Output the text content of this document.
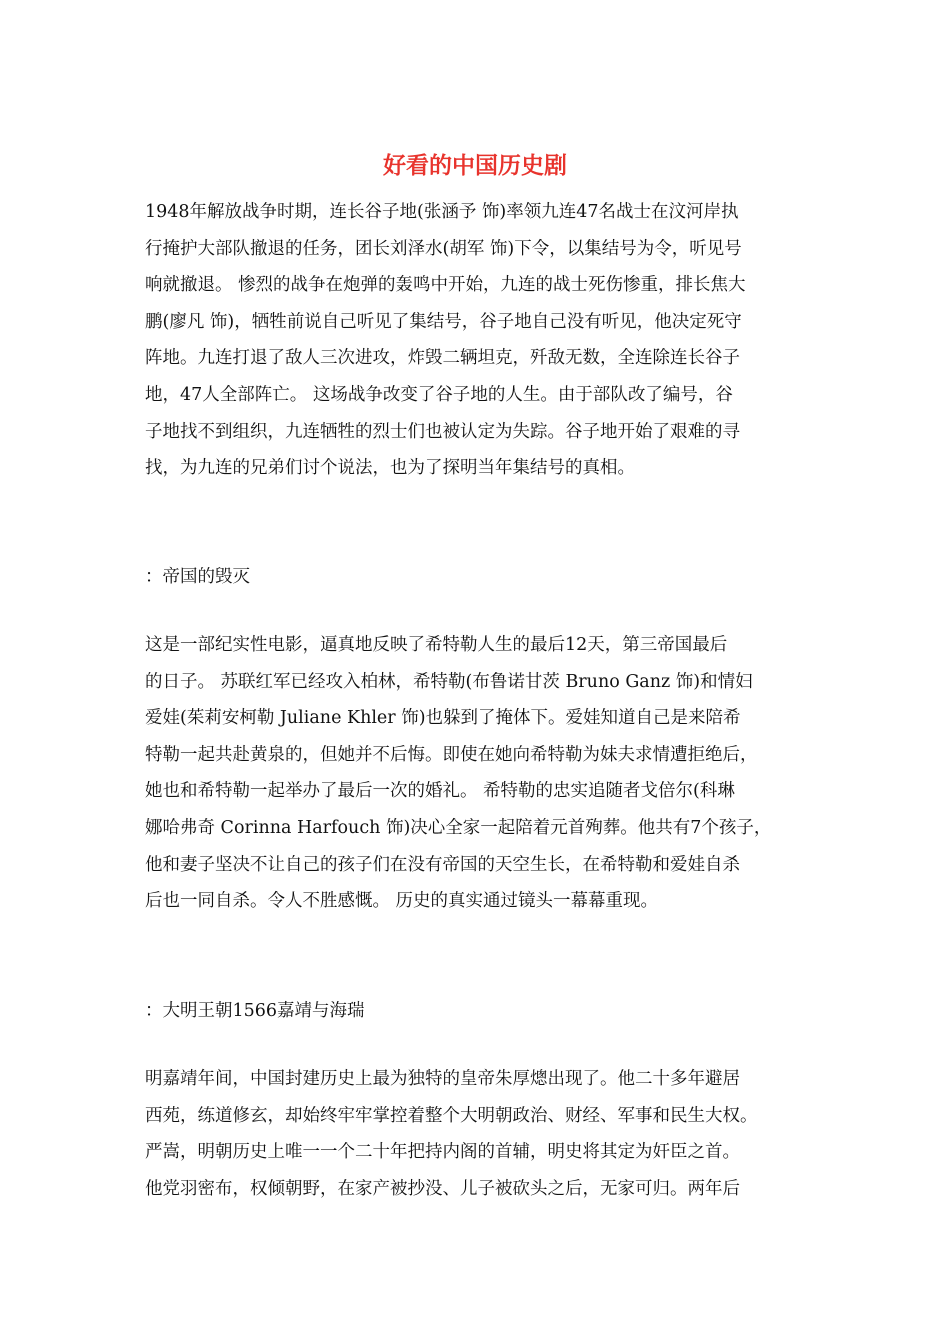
好看的中国历史剧
1948年解放战争时期，连长谷子地(张涵予 饰)率领九连47名战士在汶河岸执
行掩护大部队撤退的任务，团长刘泽水(胡军 饰)下令，以集结号为令，听见号
响就撤退。 惨烈的战争在炮弹的轰鸣中开始，九连的战士死伤惨重，排长焦大
鹏(廖凡 饰)，牺牲前说自己听见了集结号，谷子地自己没有听见，他决定死守
阵地。九连打退了敌人三次进攻，炸毁二辆坦克，歼敌无数，全连除连长谷子
地，47人全部阵亡。 这场战争改变了谷子地的人生。由于部队改了编号，谷
子地找不到组织，九连牺牲的烈士们也被认定为失踪。谷子地开始了艰难的寻
找，为九连的兄弟们讨个说法，也为了探明当年集结号的真相。
：帝国的毁灭
这是一部纪实性电影，逼真地反映了希特勒人生的最后12天，第三帝国最后
的日子。 苏联红军已经攻入柏林，希特勒(布鲁诺甘茨 Bruno Ganz 饰)和情妇
爱娃(茱莉安柯勒 Juliane Khler 饰)也躲到了掩体下。爱娃知道自己是来陪希
特勒一起共赴黄泉的，但她并不后悔。即使在她向希特勒为妹夫求情遭拒绝后，
她也和希特勒一起举办了最后一次的婚礼。 希特勒的忠实追随者戈倍尔(科琳
娜哈弗奇 Corinna Harfouch 饰)决心全家一起陪着元首殉葬。他共有7个孩子，
他和妻子坚决不让自己的孩子们在没有帝国的天空生长，在希特勒和爱娃自杀
后也一同自杀。令人不胜感慨。 历史的真实通过镜头一幕幕重现。
：大明王朝1566嘉靖与海瑞
明嘉靖年间，中国封建历史上最为独特的皇帝朱厚熜出现了。他二十多年避居
西苑，练道修玄，却始终牢牢掌控着整个大明朝政治、财经、军事和民生大权。
严嵩，明朝历史上唯一一个二十年把持内阁的首辅，明史将其定为奸臣之首。
他党羽密布，权倾朝野，在家产被抄没、儿子被砍头之后，无家可归。两年后
